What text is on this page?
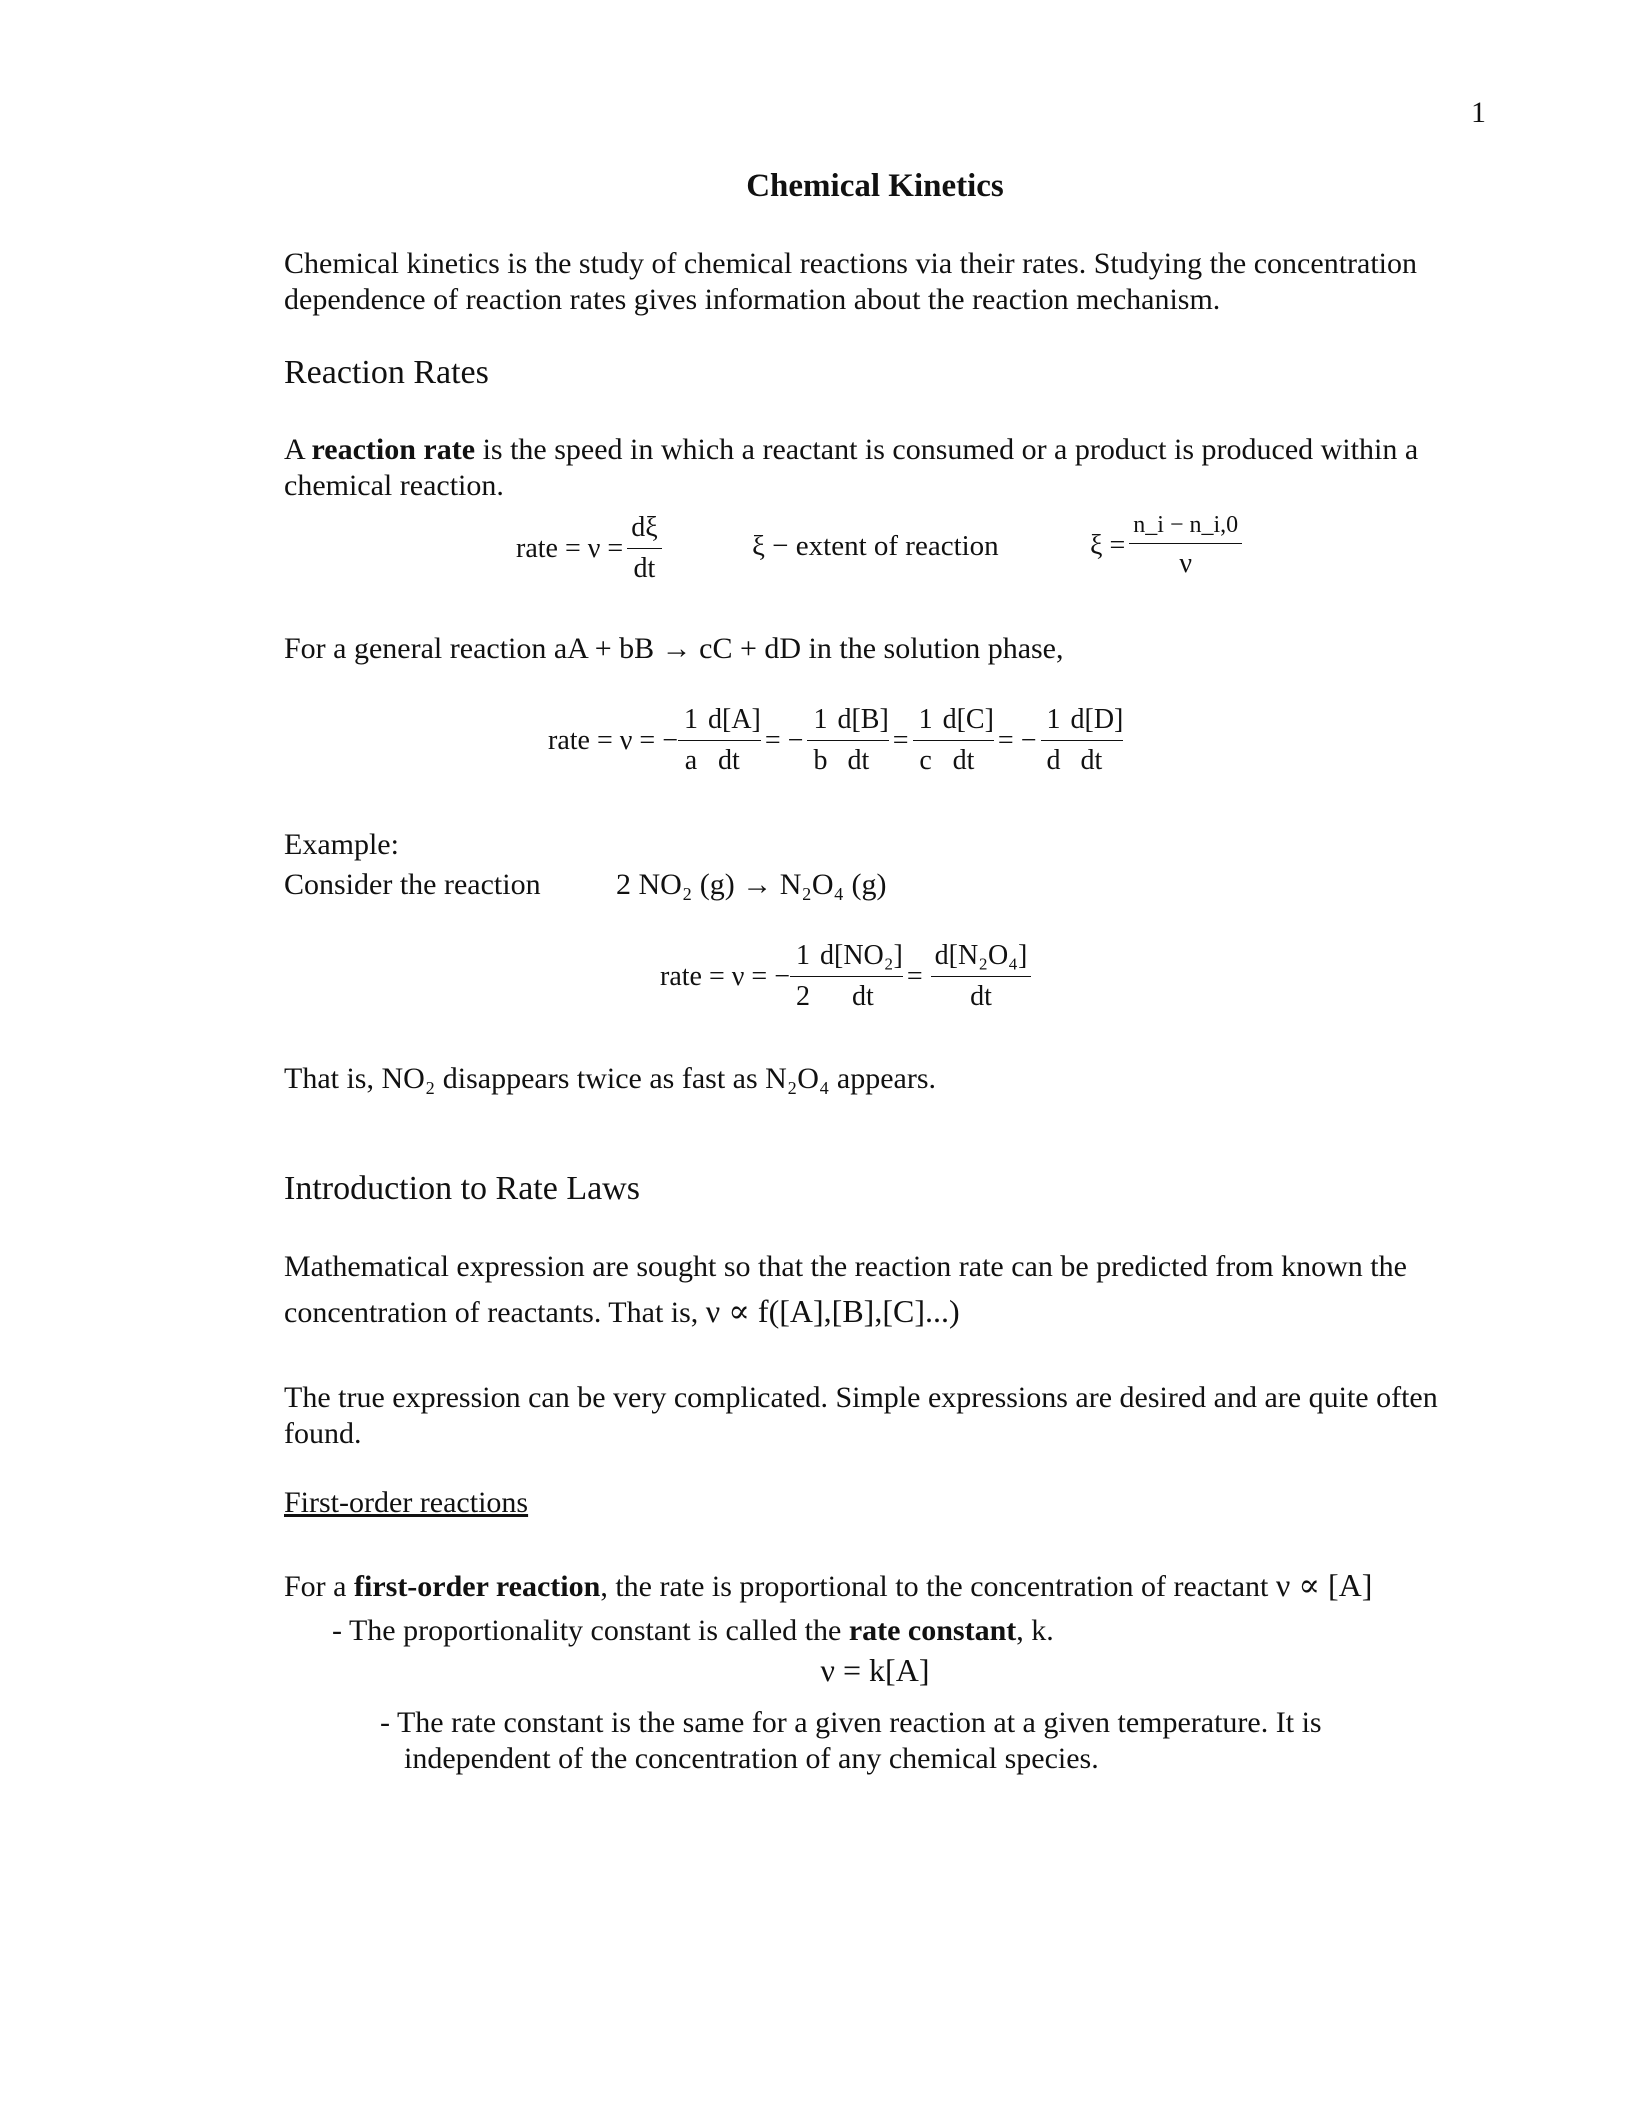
1
Chemical Kinetics

Chemical kinetics is the study of chemical reactions via their rates. Studying the concentration dependence of reaction rates gives information about the reaction mechanism.

Reaction Rates

A reaction rate is the speed in which a reactant is consumed or a product is produced within a chemical reaction.

rate = $\nu = \frac{d\xi}{dt}$	ξ − extent of reaction	$\xi = \frac{n\_i - n\_i,0}{\nu}$
For a general reaction aA + bB → cC + dD in the solution phase,
rate = ν = −
1 d[A]
a dt
= −
1 d[B]
b dt
=
1 d[C]
c dt
= −
1 d[D]
d dt
Example:
Consider the reaction	2 NO₂ (g) → N₂O₄ (g)
rate = ν = −
1 d[NO₂]
2	dt
= $\frac{\text{d[N₂O₄]}}{dt}$
That is, NO₂ disappears twice as fast as N₂O₄ appears.
Introduction to Rate Laws
Mathematical expression are sought so that the reaction rate can be predicted from known the
concentration of reactants. That is, ν ∝ f([A],[B],[C]...)

The true expression can be very complicated. Simple expressions are desired and are quite often found.

First-order reactions
For a first-order reaction, the rate is proportional to the concentration of reactant ν ∝ [A]
- The proportionality constant is called the rate constant, k.
ν = k[A]
- The rate constant is the same for a given reaction at a given temperature. It is
independent of the concentration of any chemical species.
